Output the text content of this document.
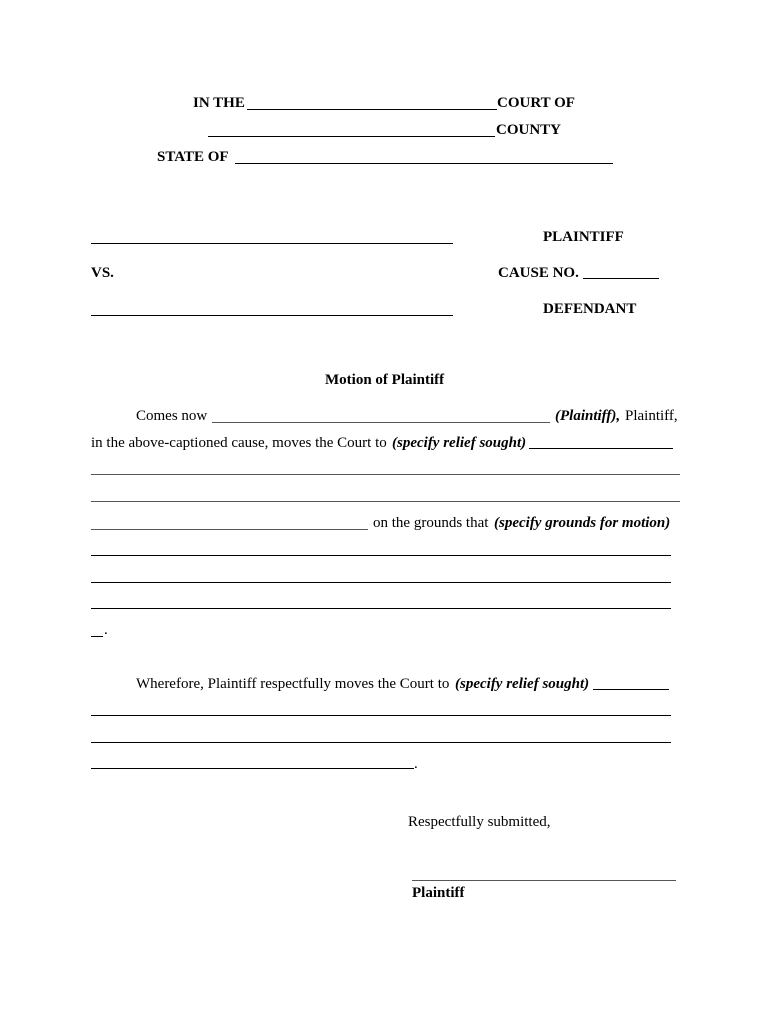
IN THE	COURT OF
COUNTY
STATE OF
PLAINTIFF
VS.	CAUSE NO.
DEFENDANT
Motion of Plaintiff
Comes now	(Plaintiff), Plaintiff,
in the above-captioned cause, moves the Court to (specify relief sought)
on the grounds that (specify grounds for motion)
.
Wherefore, Plaintiff respectfully moves the Court to (specify relief sought)
.
Respectfully submitted,
Plaintiff
